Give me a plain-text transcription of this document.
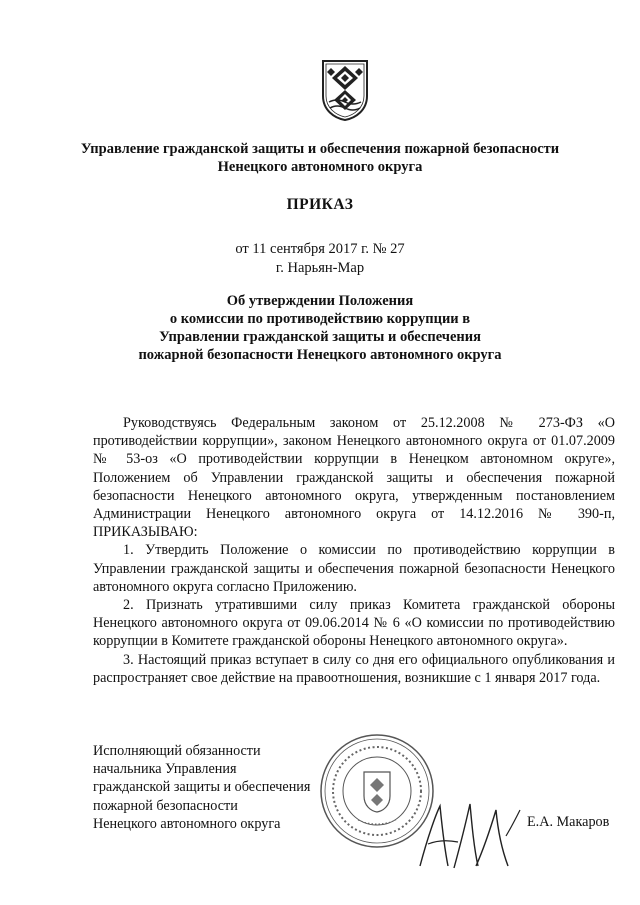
Управление гражданской защиты и обеспечения пожарной безопасности
Ненецкого автономного округа
ПРИКАЗ
от 11 сентября 2017 г. № 27
г. Нарьян-Мар
Об утверждении Положения
о комиссии по противодействию коррупции в
Управлении гражданской защиты и обеспечения
пожарной безопасности Ненецкого автономного округа

Руководствуясь Федеральным законом от 25.12.2008 № 273-ФЗ «О противодействии коррупции», законом Ненецкого автономного округа от 01.07.2009 № 53-оз «О противодействии коррупции в Ненецком автономном округе», Положением об Управлении гражданской защиты и обеспечения пожарной безопасности Ненецкого автономного округа, утвержденным постановлением Администрации Ненецкого автономного округа от 14.12.2016 № 390-п, ПРИКАЗЫВАЮ:

1. Утвердить Положение о комиссии по противодействию коррупции в Управлении гражданской защиты и обеспечения пожарной безопасности Ненецкого автономного округа согласно Приложению.

2. Признать утратившими силу приказ Комитета гражданской обороны Ненецкого автономного округа от 09.06.2014 № 6 «О комиссии по противодействию коррупции в Комитете гражданской обороны Ненецкого автономного округа».

3. Настоящий приказ вступает в силу со дня его официального опубликования и распространяет свое действие на правоотношения, возникшие с 1 января 2017 года.

Исполняющий обязанности
начальника Управления
гражданской защиты и обеспечения
пожарной безопасности
Ненецкого автономного округа	Е.А. Макаров
